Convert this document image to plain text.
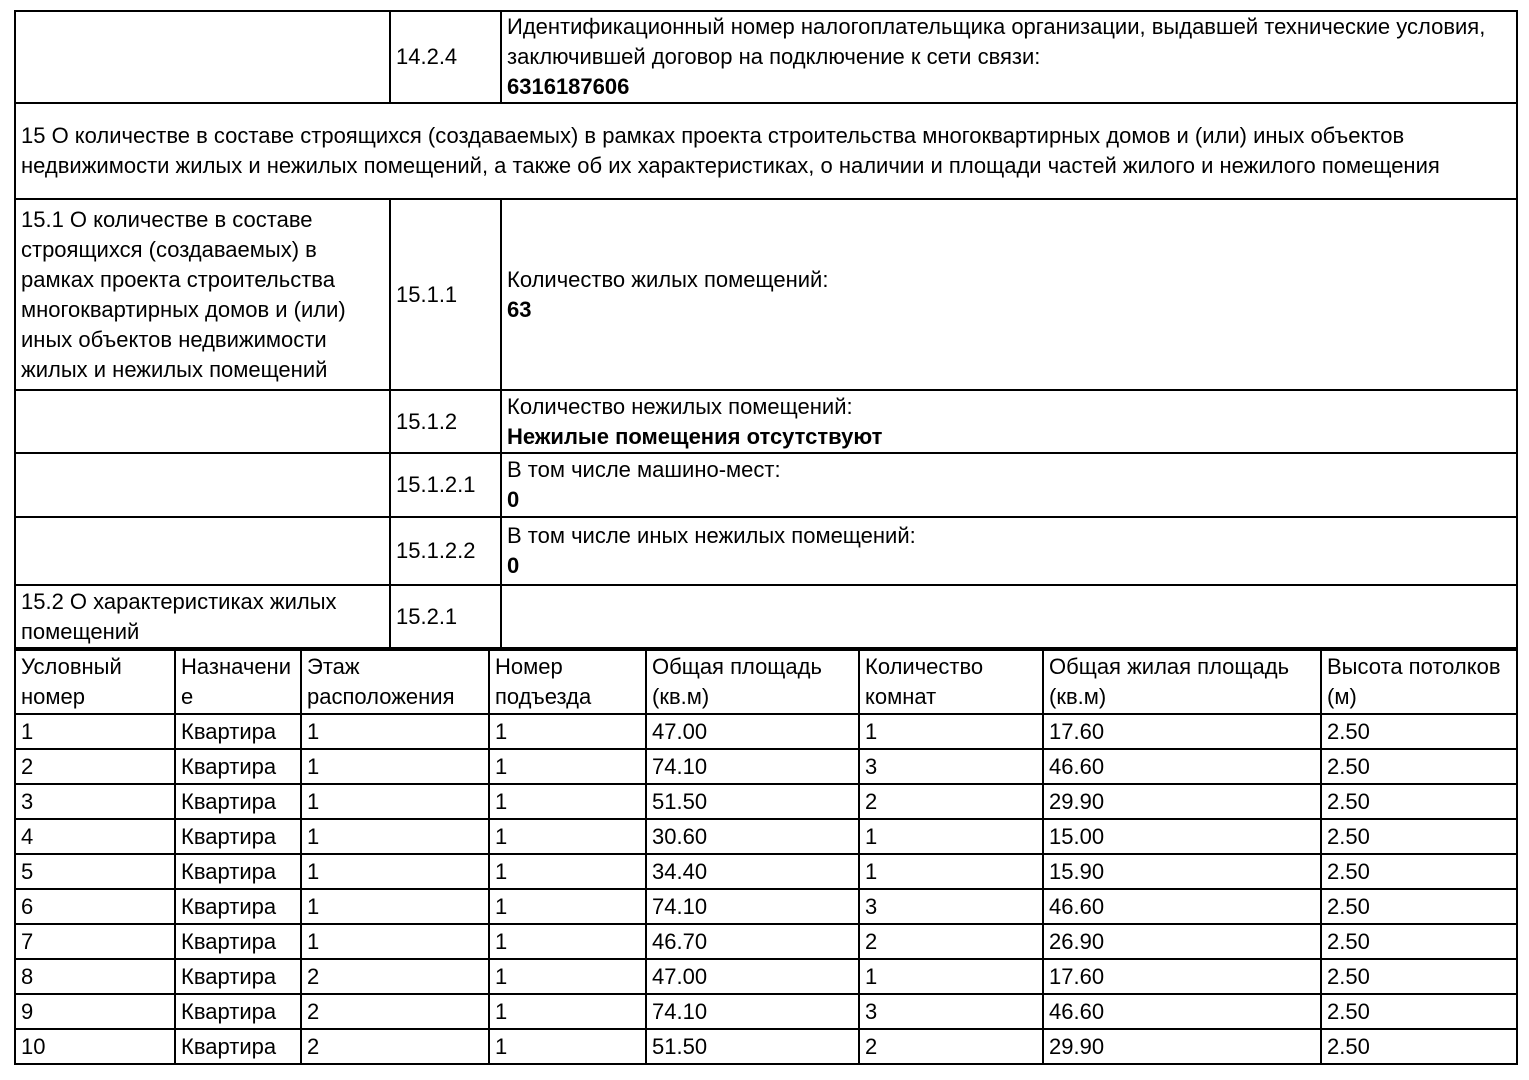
	14.2.4	Идентификационный номер налогоплательщика организации, выдавшей технические условия, заключившей договор на подключение к сети связи:
6316187606

15 О количестве в составе строящихся (создаваемых) в рамках проекта строительства многоквартирных домов и (или) иных объектов недвижимости жилых и нежилых помещений, а также об их характеристиках, о наличии и площади частей жилого и нежилого помещения		
15.1 О количестве в составе строящихся (создаваемых) в рамках проекта строительства многоквартирных домов и (или) иных объектов недвижимости жилых и нежилых помещений	15.1.1	Количество жилых помещений:
63

	15.1.2	Количество нежилых помещений:
Нежилые помещения отсутствуют

	15.1.2.1	В том числе машино-мест:
0

	15.1.2.2	В том числе иных нежилых помещений:
0

15.2 О характеристиках жилых помещений	15.2.1	
Условный номер	Назначение	Этаж расположения	Номер подъезда	Общая площадь (кв.м)	Количество комнат	Общая жилая площадь (кв.м)	Высота потолков (м)
1	Квартира	1	1	47.00	1	17.60	2.50
2	Квартира	1	1	74.10	3	46.60	2.50
3	Квартира	1	1	51.50	2	29.90	2.50
4	Квартира	1	1	30.60	1	15.00	2.50
5	Квартира	1	1	34.40	1	15.90	2.50
6	Квартира	1	1	74.10	3	46.60	2.50
7	Квартира	1	1	46.70	2	26.90	2.50
8	Квартира	2	1	47.00	1	17.60	2.50
9	Квартира	2	1	74.10	3	46.60	2.50
10	Квартира	2	1	51.50	2	29.90	2.50
